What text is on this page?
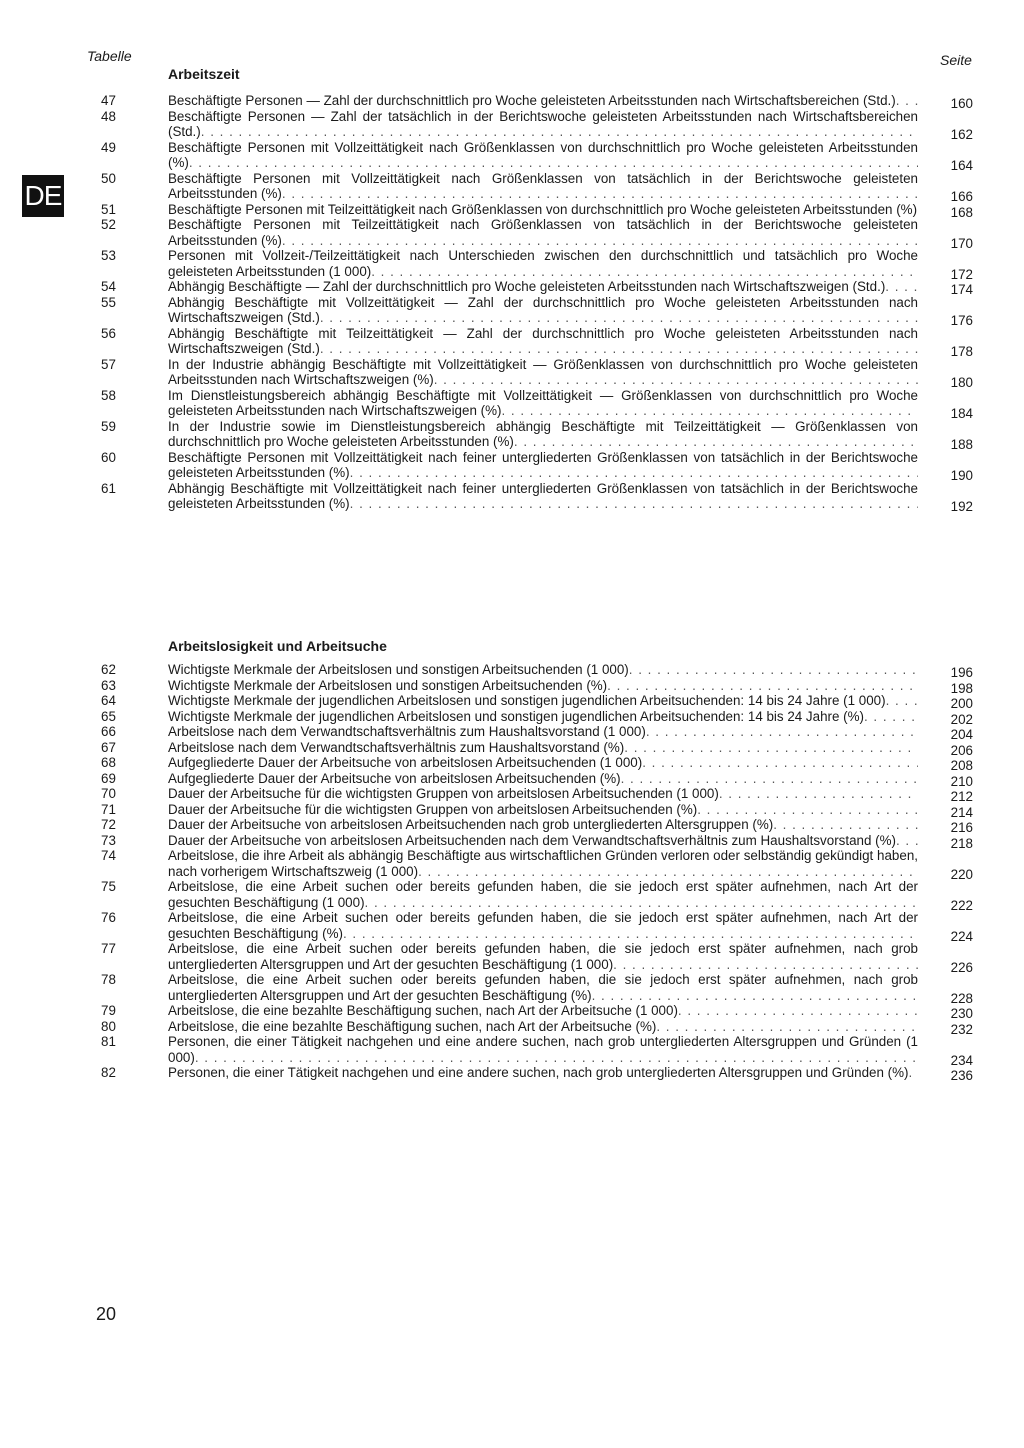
Tabelle	Seite
DE
Arbeitszeit
47	Beschäftigte Personen — Zahl der durchschnittlich pro Woche geleisteten Arbeitsstunden nach Wirtschaftsbereichen (Std.) . . .	160
48	Beschäftigte Personen — Zahl der tatsächlich in der Berichtswoche geleisteten Arbeitsstunden nach Wirtschaftsbereichen (Std.) . . .	162
49	Beschäftigte Personen mit Vollzeittätigkeit nach Größenklassen von durchschnittlich pro Woche geleisteten Arbeitsstunden (%) . . .	164
50	Beschäftigte Personen mit Vollzeittätigkeit nach Größenklassen von tatsächlich in der Berichtswoche geleisteten Arbeitsstunden (%) . . .	166
51	Beschäftigte Personen mit Teilzeittätigkeit nach Größenklassen von durchschnittlich pro Woche geleisteten Arbeitsstunden (%) . . .	168
52	Beschäftigte Personen mit Teilzeittätigkeit nach Größenklassen von tatsächlich in der Berichtswoche geleisteten Arbeitsstunden (%) . . .	170
53	Personen mit Vollzeit-/Teilzeittätigkeit nach Unterschieden zwischen den durchschnittlich und tatsächlich pro Woche geleisteten Arbeitsstunden (1 000) . . .	172
54	Abhängig Beschäftigte — Zahl der durchschnittlich pro Woche geleisteten Arbeitsstunden nach Wirtschaftszweigen (Std.) . . .	174
55	Abhängig Beschäftigte mit Vollzeittätigkeit — Zahl der durchschnittlich pro Woche geleisteten Arbeitsstunden nach Wirtschaftszweigen (Std.) . . .	176
56	Abhängig Beschäftigte mit Teilzeittätigkeit — Zahl der durchschnittlich pro Woche geleisteten Arbeitsstunden nach Wirtschaftszweigen (Std.) . . .	178
57	In der Industrie abhängig Beschäftigte mit Vollzeittätigkeit — Größenklassen von durchschnittlich pro Woche geleisteten Arbeitsstunden nach Wirtschaftszweigen (%) . . .	180
58	Im Dienstleistungsbereich abhängig Beschäftigte mit Vollzeittätigkeit — Größenklassen von durchschnittlich pro Woche geleisteten Arbeitsstunden nach Wirtschaftszweigen (%) . . .	184
59	In der Industrie sowie im Dienstleistungsbereich abhängig Beschäftigte mit Teilzeittätigkeit — Größenklassen von durchschnittlich pro Woche geleisteten Arbeitsstunden (%) . . .	188
60	Beschäftigte Personen mit Vollzeittätigkeit nach feiner untergliederten Größenklassen von tatsächlich in der Berichtswoche geleisteten Arbeitsstunden (%) . . .	190
61	Abhängig Beschäftigte mit Vollzeittätigkeit nach feiner untergliederten Größenklassen von tatsächlich in der Berichtswoche geleisteten Arbeitsstunden (%) . . .	192
Arbeitslosigkeit und Arbeitsuche
62	Wichtigste Merkmale der Arbeitslosen und sonstigen Arbeitsuchenden (1 000) . . .	196
63	Wichtigste Merkmale der Arbeitslosen und sonstigen Arbeitsuchenden (%) . . .	198
64	Wichtigste Merkmale der jugendlichen Arbeitslosen und sonstigen jugendlichen Arbeitsuchenden: 14 bis 24 Jahre (1 000) . . .	200
65	Wichtigste Merkmale der jugendlichen Arbeitslosen und sonstigen jugendlichen Arbeitsuchenden: 14 bis 24 Jahre (%) . . .	202
66	Arbeitslose nach dem Verwandtschaftsverhältnis zum Haushaltsvorstand (1 000) . . .	204
67	Arbeitslose nach dem Verwandtschaftsverhältnis zum Haushaltsvorstand (%) . . .	206
68	Aufgegliederte Dauer der Arbeitsuche von arbeitslosen Arbeitsuchenden (1 000) . . .	208
69	Aufgegliederte Dauer der Arbeitsuche von arbeitslosen Arbeitsuchenden (%) . . .	210
70	Dauer der Arbeitsuche für die wichtigsten Gruppen von arbeitslosen Arbeitsuchenden (1 000) . . .	212
71	Dauer der Arbeitsuche für die wichtigsten Gruppen von arbeitslosen Arbeitsuchenden (%) . . .	214
72	Dauer der Arbeitsuche von arbeitslosen Arbeitsuchenden nach grob untergliederten Altersgruppen (%) . . .	216
73	Dauer der Arbeitsuche von arbeitslosen Arbeitsuchenden nach dem Verwandtschaftsverhältnis zum Haushaltsvorstand (%) . . .	218
74	Arbeitslose, die ihre Arbeit als abhängig Beschäftigte aus wirtschaftlichen Gründen verloren oder selbständig gekündigt haben, nach vorherigem Wirtschaftszweig (1 000) . . .	220
75	Arbeitslose, die eine Arbeit suchen oder bereits gefunden haben, die sie jedoch erst später aufnehmen, nach Art der gesuchten Beschäftigung (1 000) . . .	222
76	Arbeitslose, die eine Arbeit suchen oder bereits gefunden haben, die sie jedoch erst später aufnehmen, nach Art der gesuchten Beschäftigung (%) . . .	224
77	Arbeitslose, die eine Arbeit suchen oder bereits gefunden haben, die sie jedoch erst später aufnehmen, nach grob untergliederten Altersgruppen und Art der gesuchten Beschäftigung (1 000) . . .	226
78	Arbeitslose, die eine Arbeit suchen oder bereits gefunden haben, die sie jedoch erst später aufnehmen, nach grob untergliederten Altersgruppen und Art der gesuchten Beschäftigung (%) . . .	228
79	Arbeitslose, die eine bezahlte Beschäftigung suchen, nach Art der Arbeitsuche (1 000) . . .	230
80	Arbeitslose, die eine bezahlte Beschäftigung suchen, nach Art der Arbeitsuche (%) . . .	232
81	Personen, die einer Tätigkeit nachgehen und eine andere suchen, nach grob untergliederten Altersgruppen und Gründen (1 000) . . .	234
82	Personen, die einer Tätigkeit nachgehen und eine andere suchen, nach grob untergliederten Altersgruppen und Gründen (%) . . .	236
20
